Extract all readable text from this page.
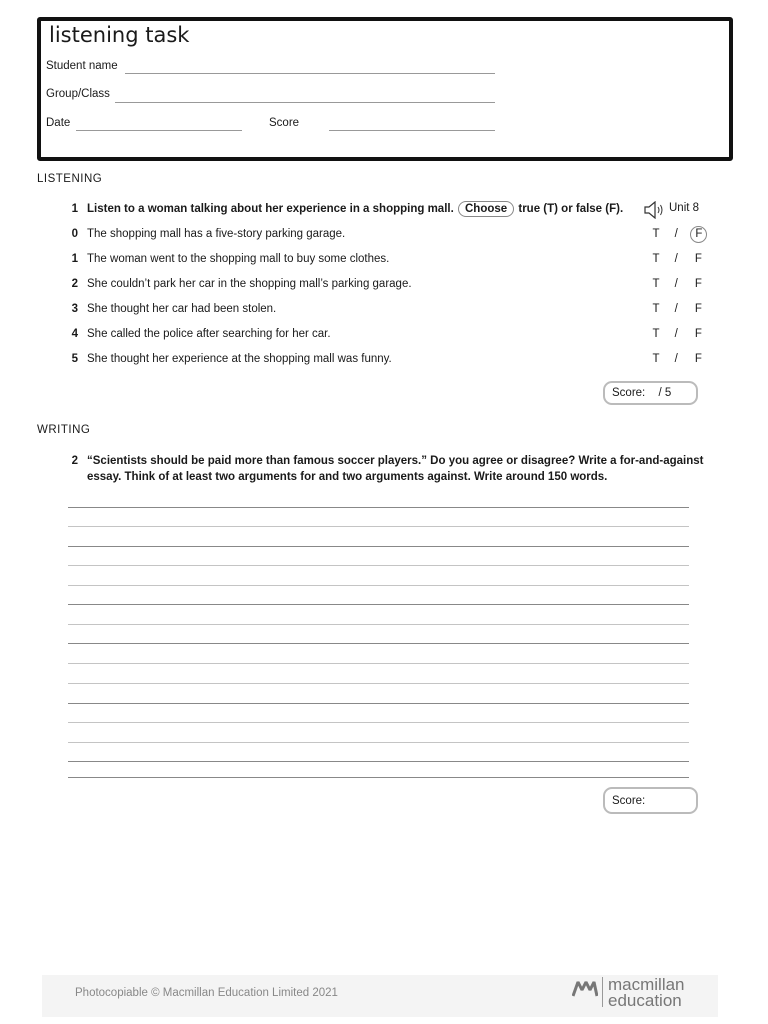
listening task
Student name
Group/Class
Date	Score
LISTENING
1 Listen to a woman talking about her experience in a shopping mall. Choose true (T) or false (F).	Unit 8
0 The shopping mall has a five-story parking garage.	T / F
1 The woman went to the shopping mall to buy some clothes.	T / F
2 She couldn’t park her car in the shopping mall’s parking garage.	T / F
3 She thought her car had been stolen.	T / F
4 She called the police after searching for her car.	T / F
5 She thought her experience at the shopping mall was funny.	T / F
Score: / 5
WRITING
2 “Scientists should be paid more than famous soccer players.” Do you agree or disagree? Write a for-and-against
essay. Think of at least two arguments for and two arguments against. Write around 150 words.
Score:
Photocopiable © Macmillan Education Limited 2021	macmillan
education
